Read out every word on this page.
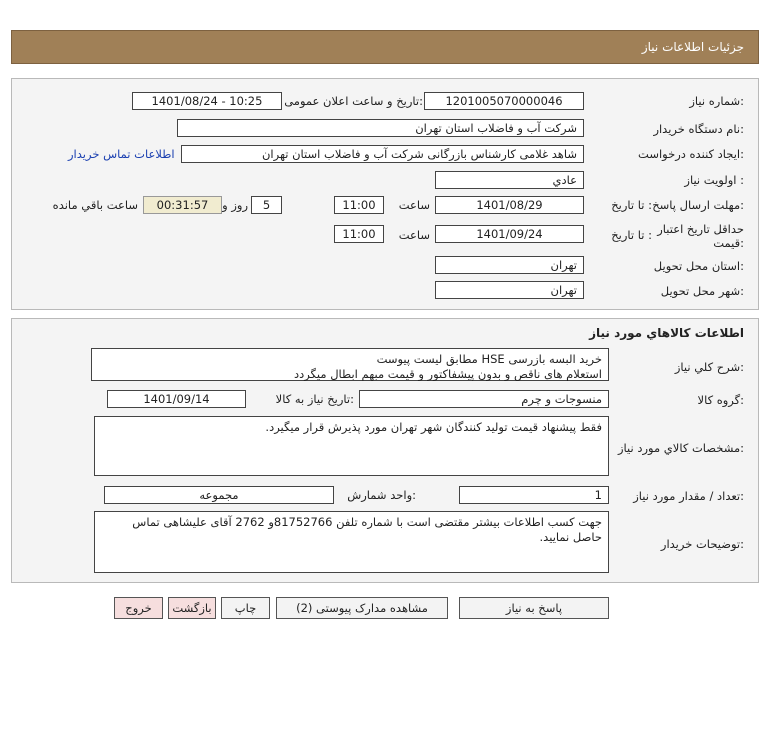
جزئیات اطلاعات نیاز
شماره نیاز:
1201005070000046
تاریخ و ساعت اعلان عمومی:
1401/08/24 - 10:25
نام دستگاه خریدار:
شرکت آب و فاضلاب استان تهران
ایجاد کننده درخواست:
شاهد غلامی کارشناس بازرگانی شرکت آب و فاضلاب استان تهران
اطلاعات تماس خریدار
اولویت نیاز :
عادي
مهلت ارسال پاسخ:
تا تاریخ :
1401/08/29
ساعت
11:00
5
روز و
00:31:57
ساعت باقي مانده
حداقل تاریخ اعتبار قیمت:
تا تاریخ :
1401/09/24
ساعت
11:00
استان محل تحویل:
تهران
شهر محل تحویل:
تهران
اطلاعات کالاهاي مورد نياز
شرح کلي نياز:
خرید البسه بازرسی HSE مطابق لیست پیوست
استعلام های ناقص و بدون پیشفاکتور و قیمت مبهم ابطال میگردد
گروه کالا:
منسوجات و چرم
تاریخ نیاز به کالا:
1401/09/14
مشخصات کالاي مورد نياز:
فقط پیشنهاد قیمت تولید کنندگان شهر تهران مورد پذیرش قرار میگیرد.
تعداد / مقدار مورد نیاز:
1
واحد شمارش:
مجموعه
توضیحات خریدار:
جهت کسب اطلاعات بیشتر مقتضی است با شماره تلفن 81752766و 2762 آقای علیشاهی تماس حاصل نمایید.
پاسخ به نیاز
مشاهده مدارک پیوستی (2)
چاپ
بازگشت
خروج
